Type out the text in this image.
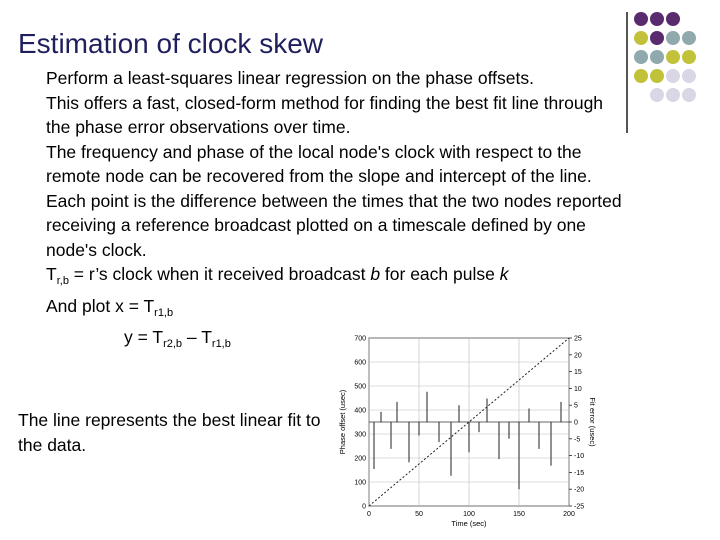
Estimation of clock skew

Perform a least-squares linear regression on the phase offsets.

This offers a fast, closed-form method for finding the best fit line through the phase error observations over time.

The frequency and phase of the local node's clock with respect to the remote node can be recovered from the slope and intercept of the line.

Each point is the difference between the times that the two nodes reported receiving a reference broadcast plotted on a timescale defined by one node's clock.

$T_{r,b}$ = r’s clock when it received broadcast b for each pulse k

And plot $x = T_{r1,b}$

$y = T_{r2,b} - T_{r1,b}$

The line represents the best linear fit to the data.
0	50	100	150	200
0
100
200
300
400
500
600
700
-25
-20
-15
-10
-5
0
5
10
15
20
25
Time (sec)
Phase offset (usec)	Fit error (usec)
